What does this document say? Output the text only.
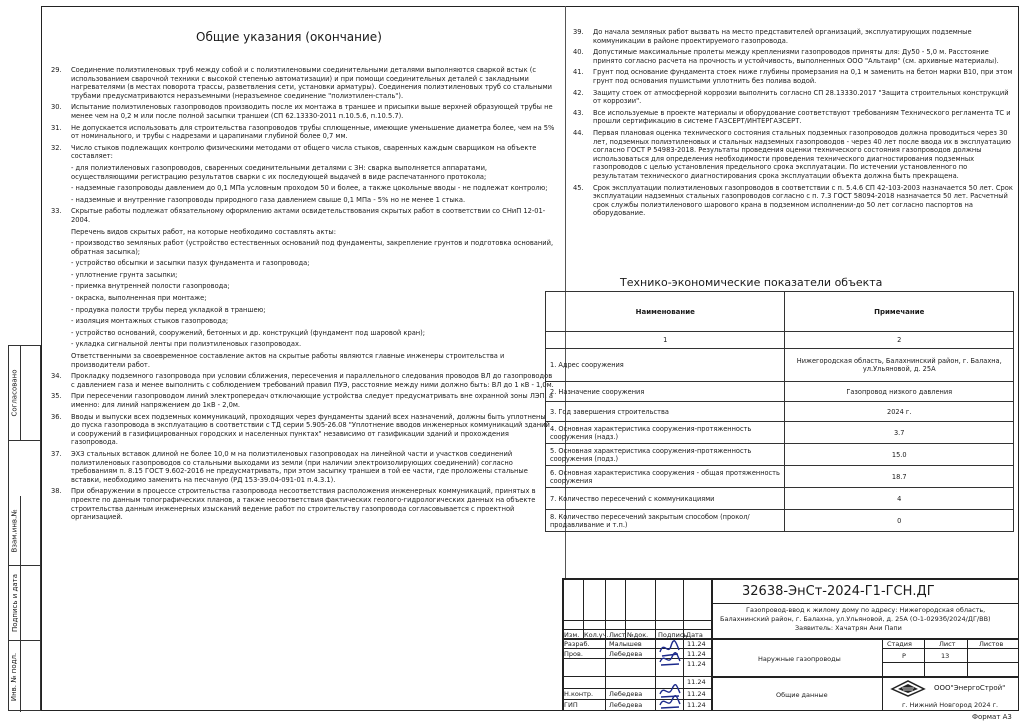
Согласовано
Взам.инв.№
Подпись и дата
Инв. № подл.
Общие указания (окончание)
29.	Соединение полиэтиленовых труб между собой и с полиэтиленовыми соединительными деталями выполняются сваркой встык (с использованием сварочной техники с высокой степенью автоматизации) и при помощи соединительных деталей с закладными нагревателями (в местах поворота трассы, разветвления сети, установки арматуры). Соединения полиэтиленовых труб со стальными трубами предусматриваются неразъемными (неразъемное соединение "полиэтилен-сталь").
30.	Испытание полиэтиленовых газопроводов производить после их монтажа в траншее и присыпки выше верхней образующей трубы не менее чем на 0,2 м или после полной засыпки траншеи (СП 62.13330-2011 п.10.5.6, п.10.5.7).
31.	Не допускается использовать для строительства газопроводов трубы сплющенные, имеющие уменьшение диаметра более, чем на 5% от номинального, и трубы с надрезами и царапинами глубиной более 0,7 мм.
32.	Число стыков подлежащих контролю физическими методами от общего числа стыков, сваренных каждым сварщиком на объекте составляет:
- для полиэтиленовых газопроводов, сваренных соединительными деталями с ЗН: сварка выполняется аппаратами, осуществляющими регистрацию результатов сварки с их последующей выдачей в виде распечатанного протокола;
- надземные газопроводы давлением до 0,1 МПа условным проходом 50 и более, а также цокольные вводы - не подлежат контролю;
- надземные и внутренние газопроводы природного газа давлением свыше 0,1 МПа - 5% но не менее 1 стыка.
33.	Скрытые работы подлежат обязательному оформлению актами освидетельствования скрытых работ в соответствии со СНиП 12-01-2004.
Перечень видов скрытых работ, на которые необходимо составлять акты:
- производство земляных работ (устройство естественных оснований под фундаменты, закрепление грунтов и подготовка оснований, обратная засыпка);
- устройство обсыпки и засыпки пазух фундамента и газопровода;
- уплотнение грунта засыпки;
- приемка внутренней полости газопровода;
- окраска, выполненная при монтаже;
- продувка полости трубы перед укладкой в траншею;
- изоляция монтажных стыков газопровода;
- устройство оснований, сооружений, бетонных и др. конструкций (фундамент под шаровой кран);
- укладка сигнальной ленты при полиэтиленовых газопроводах.
Ответственными за своевременное составление актов на скрытые работы являются главные инженеры строительства и производители работ.
34.	Прокладку подземного газопровода при условии сближения, пересечения и параллельного следования проводов ВЛ до газопроводов с давлением газа и менее выполнить с соблюдением требований правил ПУЭ, расстояние между ними должно быть: ВЛ до 1 кВ - 1,0м.
35.	При пересечении газопроводом линий электропередач отключающие устройства следует предусматривать вне охранной зоны ЛЭП, а именно: для линий напряжением до 1кВ - 2,0м.
36.	Вводы и выпуски всех подземных коммуникаций, проходящих через фундаменты зданий всех назначений, должны быть уплотнены до пуска газопровода в эксплуатацию в соответствии с ТД серии 5.905-26.08 "Уплотнение вводов инженерных коммуникаций зданий и сооружений в газифицированных городских и населенных пунктах" независимо от газификации зданий и прохождения газопровода.
37.	ЭХЗ стальных вставок длиной не более 10,0 м на полиэтиленовых газопроводах на линейной части и участков соединений полиэтиленовых газопроводов со стальными выходами из земли (при наличии электроизолирующих соединений) согласно требованиям п. 8.15 ГОСТ 9.602-2016 не предусматривать, при этом засыпку траншеи в той ее части, где проложены стальные вставки, необходимо заменить на песчаную (РД 153-39.04-091-01 п.4.3.1).
38.	При обнаружении в процессе строительства газопровода несоответствия расположения инженерных коммуникаций, принятых в проекте по данным топографических планов, а также несоответствия фактических геолого-гидрологических данных на объекте строительства данным инженерных изысканий ведение работ по строительству газопровода согласовывается с проектной организацией.
39.	До начала земляных работ вызвать на место представителей организаций, эксплуатирующих подземные коммуникации в районе проектируемого газопровода.
40.	Допустимые максимальные пролеты между креплениями газопроводов приняты для: Ду50 - 5,0 м. Расстояние принято согласно расчета на прочность и устойчивость, выполненных ООО "Альтаир" (см. архивные материалы).
41.	Грунт под основание фундамента стоек ниже глубины промерзания на 0,1 м заменить на бетон марки В10, при этом грунт под основания пушистыми уплотнить без полива водой.
42.	Защиту стоек от атмосферной коррозии выполнить согласно СП 28.13330.2017 "Защита строительных конструкций от коррозии".
43.	Все используемые в проекте материалы и оборудование соответствуют требованиям Технического регламента ТС и прошли сертификацию в системе ГАЗСЕРТ/ИНТЕРГАЗСЕРТ.
44.	Первая плановая оценка технического состояния стальных подземных газопроводов должна проводиться через 30 лет, подземных полиэтиленовых и стальных надземных газопроводов - через 40 лет после ввода их в эксплуатацию согласно ГОСТ Р 54983-2018. Результаты проведения оценки технического состояния газопроводов должны использоваться для определения необходимости проведения технического диагностирования подземных газопроводов с целью установления предельного срока эксплуатации. По истечении установленного по результатам технического диагностирования срока эксплуатации объекта должна быть прекращена.
45.	Срок эксплуатации полиэтиленовых газопроводов в соответствии с п. 5.4.6 СП 42-103-2003 назначается 50 лет. Срок эксплуатации надземных стальных газопроводов согласно с п. 7.3 ГОСТ 58094-2018 назначается 50 лет. Расчетный срок службы полиэтиленового шарового крана в подземном исполнении-до 50 лет согласно паспортов на оборудование.
Технико-экономические показатели объекта
Наименование	Примечание
1	2
1. Адрес сооружения	Нижегородская область, Балахнинский район, г. Балахна, ул.Ульяновой, д. 25А
2. Назначение сооружения	Газопровод низкого давления
3. Год завершения строительства	2024 г.
4. Основная характеристика сооружения-протяженность сооружения (надз.)	3.7
5. Основная характеристика сооружения-протяженность сооружения (подз.)	15.0
6. Основная характеристика сооружения - общая протяженность сооружения	18.7
7. Количество пересечений с коммуникациями	4
8. Количество пересечений закрытым способом (прокол/продавливание и т.п.)	0
Изм. Кол.уч. Лист №док. Подпись
Дата
Разраб.	Малышев	11.24
Пров.	Лебедева	11.24
11.24
11.24
Н.контр. Лебедева	11.24
ГИП	Лебедева	11.24
32638-ЭнСт-2024-Г1-ГСН.ДГ
Газопровод-ввод к жилому дому по адресу: Нижегородская область,
Балахнинский район, г. Балахна, ул.Ульяновой, д. 25А (О-1-0293б/2024/ДГ/ВВ)
Заявитель: Хачатрян Ани Папи
Наружные газопроводы
Общие данные
Стадия	Лист	Листов
Р	13
ООО"ЭнергоСтрой"
г. Нижний Новгород 2024 г.
Формат А3
